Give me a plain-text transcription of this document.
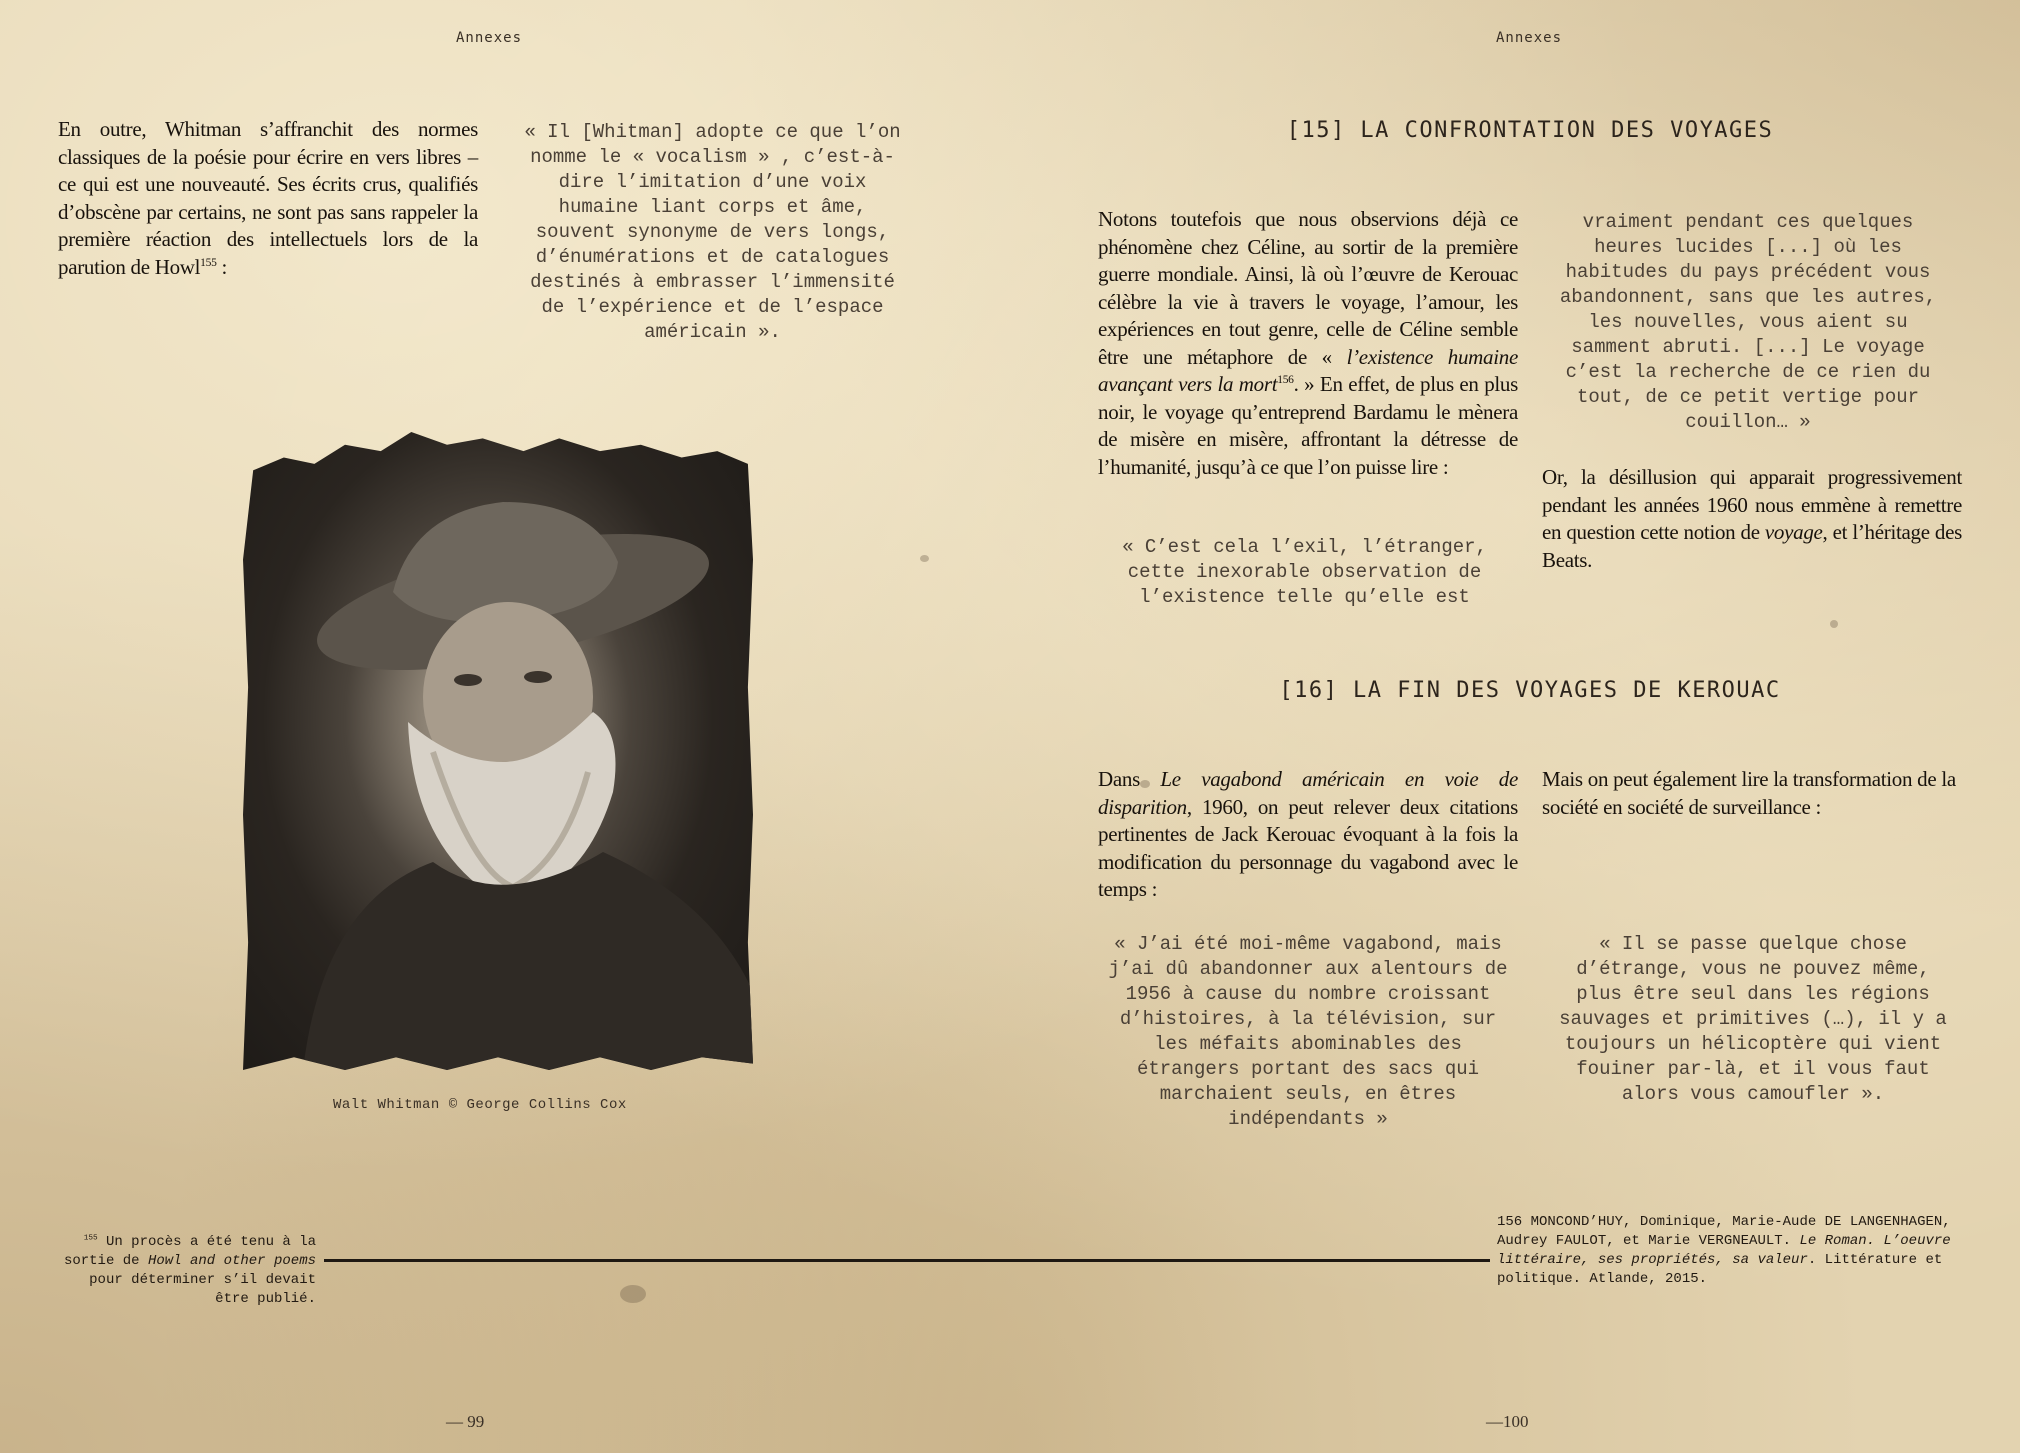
Annexes
En outre, Whitman s’affranchit des normes classiques de la poésie pour écrire en vers libres – ce qui est une nouveauté. Ses écrits crus, qualifiés d’obscène par certains, ne sont pas sans rappeler la première réaction des intellectuels lors de la parution de Howl$^{155}$ :
« Il [Whitman] adopte ce que l’on nomme le « vocalism » , c’est-à-dire l’imitation d’une voix humaine liant corps et âme, souvent synonyme de vers longs, d’énumérations et de catalogues destinés à embrasser l’immensité de l’expérience et de l’espace américain ».
Walt Whitman © George Collins Cox
$^{155}$ Un procès a été tenu à la sortie de Howl and other poems pour déterminer s’il devait être publié.
— 99
Annexes
[15] LA CONFRONTATION DES VOYAGES
Notons toutefois que nous observions déjà ce phénomène chez Céline, au sortir de la première guerre mondiale. Ainsi, là où l’œuvre de Kerouac célèbre la vie à travers le voyage, l’amour, les expériences en tout genre, celle de Céline semble être une métaphore de « l’existence humaine avançant vers la mort$^{156}$. » En effet, de plus en plus noir, le voyage qu’entreprend Bardamu le mènera de misère en misère, affrontant la détresse de l’humanité, jusqu’à ce que l’on puisse lire :
« C’est cela l’exil, l’étranger, cette inexorable observation de l’existence telle qu’elle est
vraiment pendant ces quelques heures lucides [...] où les habitudes du pays précédent vous abandonnent, sans que les autres, les nouvelles, vous aient su samment abruti. [...] Le voyage c’est la recherche de ce rien du tout, de ce petit vertige pour couillon… »
Or, la désillusion qui apparait progressivement pendant les années 1960 nous emmène à remettre en question cette notion de voyage, et l’héritage des Beats.
[16] LA FIN DES VOYAGES DE KEROUAC
Dans Le vagabond américain en voie de disparition, 1960, on peut relever deux citations pertinentes de Jack Kerouac évoquant à la fois la modification du personnage du vagabond avec le temps :
Mais on peut également lire la transformation de la société en société de surveillance :
« J’ai été moi-même vagabond, mais j’ai dû abandonner aux alentours de 1956 à cause du nombre croissant d’histoires, à la télévision, sur les méfaits abominables des étrangers portant des sacs qui marchaient seuls, en êtres indépendants »
« Il se passe quelque chose d’étrange, vous ne pouvez même, plus être seul dans les régions sauvages et primitives (…), il y a toujours un hélicoptère qui vient fouiner par-là, et il vous faut alors vous camoufler ».
156 MONCOND’HUY, Dominique, Marie-Aude DE LANGENHAGEN, Audrey FAULOT, et Marie VERGNEAULT. Le Roman. L’oeuvre littéraire, ses propriétés, sa valeur. Littérature et politique. Atlande, 2015.
—100
